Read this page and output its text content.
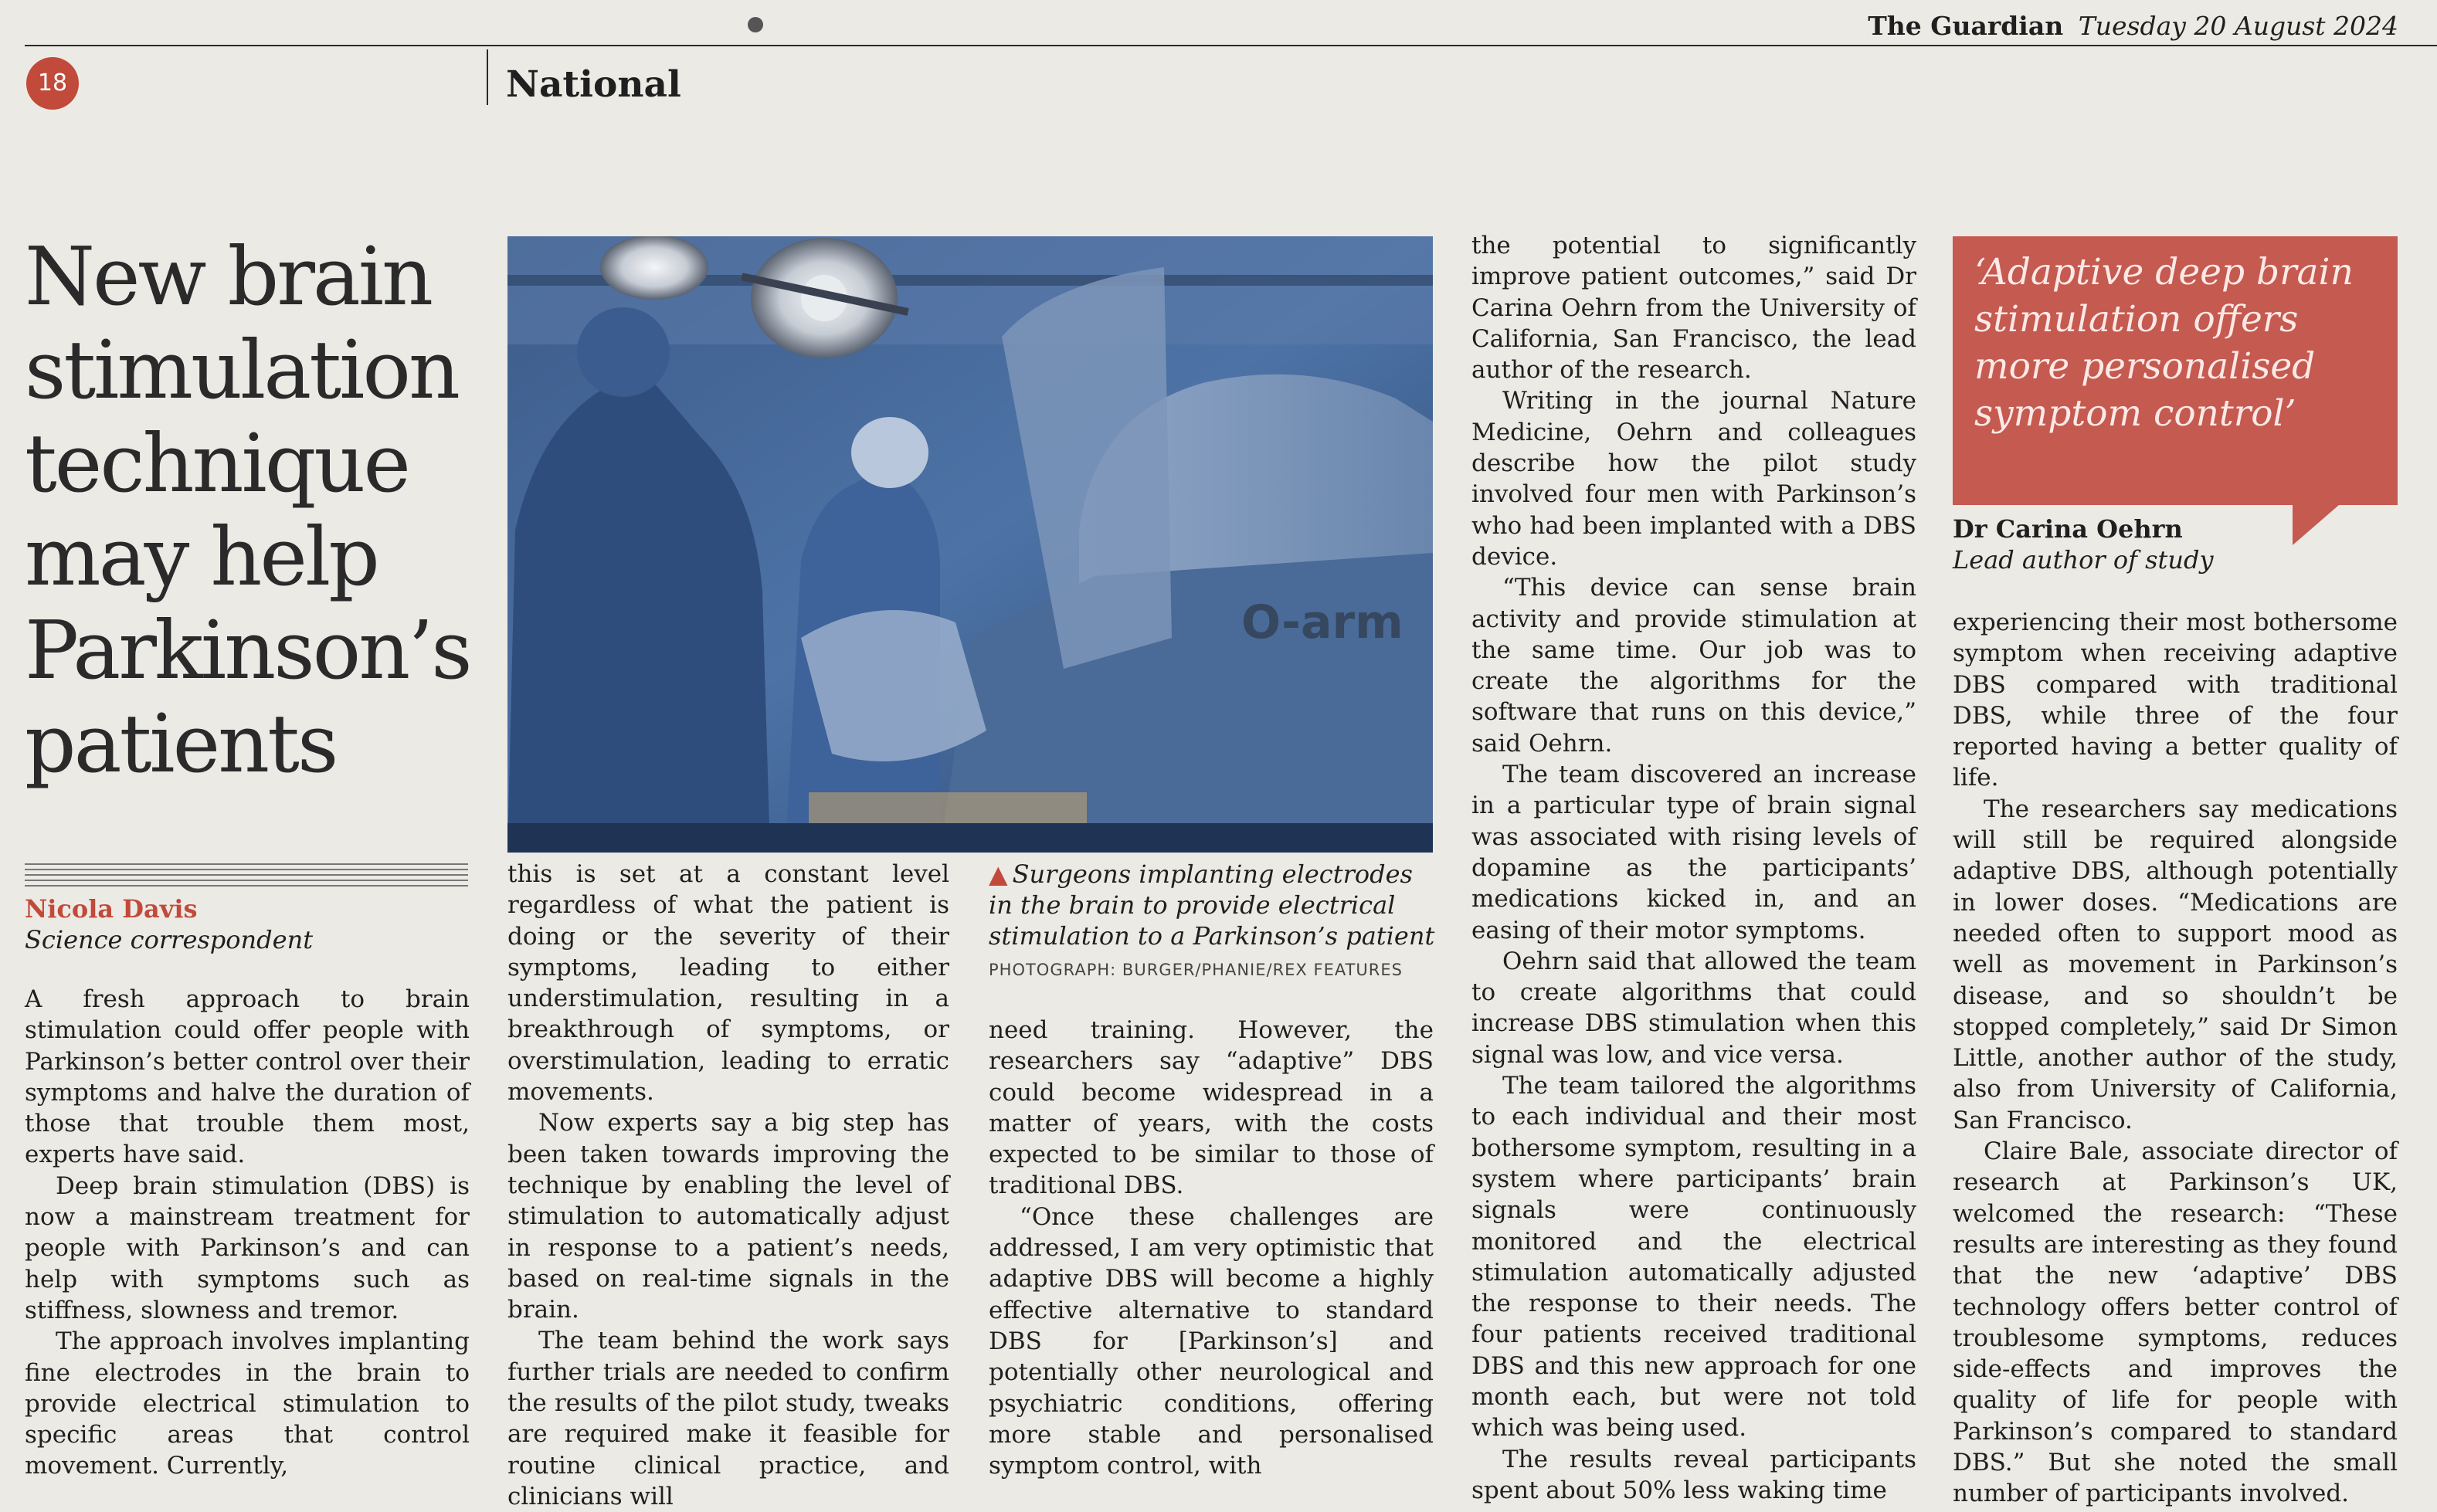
The Guardian Tuesday 20 August 2024
18	National
New brain stimulation technique may help Parkinson’s patients
Nicola Davis
Science correspondent

A fresh approach to brain stimulation could offer people with Parkinson’s better control over their symptoms and halve the duration of those that trouble them most, experts have said.

Deep brain stimulation (DBS) is now a mainstream treatment for people with Parkinson’s and can help with symptoms such as stiffness, slowness and tremor.

The approach involves implanting fine electrodes in the brain to provide electrical stimulation to specific areas that control movement. Currently,

this is set at a constant level regardless of what the patient is doing or the severity of their symptoms, leading to either understimulation, resulting in a breakthrough of symptoms, or overstimulation, leading to erratic movements.

Now experts say a big step has been taken towards improving the technique by enabling the level of stimulation to automatically adjust in response to a patient’s needs, based on real-time signals in the brain.

The team behind the work says further trials are needed to confirm the results of the pilot study, tweaks are required make it feasible for routine clinical practice, and clinicians will

O-arm
▲ Surgeons implanting electrodes in the brain to provide electrical stimulation to a Parkinson’s patient
PHOTOGRAPH: BURGER/PHANIE/REX FEATURES

need training. However, the researchers say “adaptive” DBS could become widespread in a matter of years, with the costs expected to be similar to those of traditional DBS.

“Once these challenges are addressed, I am very optimistic that adaptive DBS will become a highly effective alternative to standard DBS for [Parkinson’s] and potentially other neurological and psychiatric conditions, offering more stable and personalised symptom control, with

the potential to significantly improve patient outcomes,” said Dr Carina Oehrn from the University of California, San Francisco, the lead author of the research.

Writing in the journal Nature Medicine, Oehrn and colleagues describe how the pilot study involved four men with Parkinson’s who had been implanted with a DBS device.

“This device can sense brain activity and provide stimulation at the same time. Our job was to create the algorithms for the software that runs on this device,” said Oehrn.

The team discovered an increase in a particular type of brain signal was associated with rising levels of dopamine as the participants’ medications kicked in, and an easing of their motor symptoms.

Oehrn said that allowed the team to create algorithms that could increase DBS stimulation when this signal was low, and vice versa.

The team tailored the algorithms to each individual and their most bothersome symptom, resulting in a system where participants’ brain signals were continuously monitored and the electrical stimulation automatically adjusted the response to their needs. The four patients received traditional DBS and this new approach for one month each, but were not told which was being used.

The results reveal participants spent about 50% less waking time

‘Adaptive deep brain stimulation offers more personalised symptom control’
Dr Carina Oehrn
Lead author of study

experiencing their most bothersome symptom when receiving adaptive DBS compared with traditional DBS, while three of the four reported having a better quality of life.

The researchers say medications will still be required alongside adaptive DBS, although potentially in lower doses. “Medications are needed often to support mood as well as movement in Parkinson’s disease, and so shouldn’t be stopped completely,” said Dr Simon Little, another author of the study, also from University of California, San Francisco.

Claire Bale, associate director of research at Parkinson’s UK, welcomed the research: “These results are interesting as they found that the new ‘adaptive’ DBS technology offers better control of troublesome symptoms, reduces side-effects and improves the quality of life for people with Parkinson’s compared to standard DBS.” But she noted the small number of participants involved.
